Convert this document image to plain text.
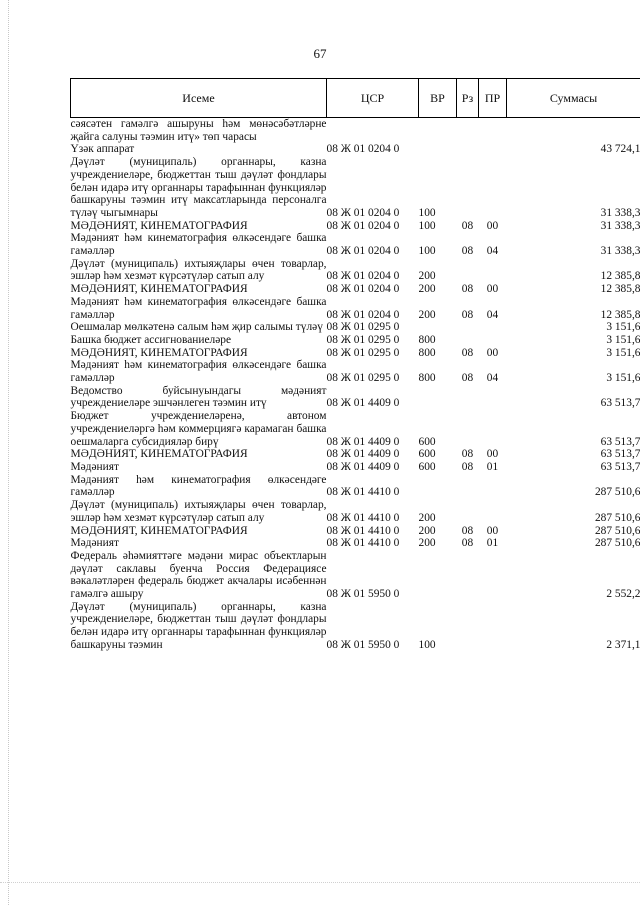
67
Исеме	ЦСР	ВР	Рз	ПР	Суммасы
сәясәтен гамәлгә ашыруны һәм мөнәсәбәтләрне җайга салуны тәэмин итү» төп чарасы					
Үзәк аппарат	08 Ж 01 0204 0				43 724,1
Дәүләт (муниципаль) органнары, казна учреждениеләре, бюджеттан тыш дәүләт фондлары белән идарә итү органнары тарафыннан функцияләр башкаруны тәэмин итү максатларында персоналга түләү чыгымнары	08 Ж 01 0204 0	100			31 338,3
МӘДӘНИЯТ, КИНЕМАТОГРАФИЯ	08 Ж 01 0204 0	100	08	00	31 338,3
Мәдәният һәм кинематография өлкәсендәге башка гамәлләр	08 Ж 01 0204 0	100	08	04	31 338,3
Дәүләт (муниципаль) ихтыяҗлары өчен товарлар, эшләр һәм хезмәт күрсәтүләр сатып алу	08 Ж 01 0204 0	200			12 385,8
МӘДӘНИЯТ, КИНЕМАТОГРАФИЯ	08 Ж 01 0204 0	200	08	00	12 385,8
Мәдәният һәм кинематография өлкәсендәге башка гамәлләр	08 Ж 01 0204 0	200	08	04	12 385,8
Оешмалар мөлкәтенә салым һәм җир салымы түләү	08 Ж 01 0295 0				3 151,6
Башка бюджет ассигнованиеләре	08 Ж 01 0295 0	800			3 151,6
МӘДӘНИЯТ, КИНЕМАТОГРАФИЯ	08 Ж 01 0295 0	800	08	00	3 151,6
Мәдәният һәм кинематография өлкәсендәге башка гамәлләр	08 Ж 01 0295 0	800	08	04	3 151,6
Ведомство буйсынуындагы мәдәният учреждениеләре эшчәнлеген тәэмин итү	08 Ж 01 4409 0				63 513,7
Бюджет учреждениеләренә, автоном учреждениеләргә һәм коммерциягә карамаган башка оешмаларга субсидияләр бирү	08 Ж 01 4409 0	600			63 513,7
МӘДӘНИЯТ, КИНЕМАТОГРАФИЯ	08 Ж 01 4409 0	600	08	00	63 513,7
Мәдәният	08 Ж 01 4409 0	600	08	01	63 513,7
Мәдәният һәм кинематография өлкәсендәге гамәлләр	08 Ж 01 4410 0				287 510,6
Дәүләт (муниципаль) ихтыяҗлары өчен товарлар, эшләр һәм хезмәт күрсәтүләр сатып алу	08 Ж 01 4410 0	200			287 510,6
МӘДӘНИЯТ, КИНЕМАТОГРАФИЯ	08 Ж 01 4410 0	200	08	00	287 510,6
Мәдәният	08 Ж 01 4410 0	200	08	01	287 510,6
Федераль әһәмияттәге мәдәни мирас объектларын дәүләт саклавы буенча Россия Федерациясе вәкаләтләрен федераль бюджет акчалары исәбеннән гамәлгә ашыру	08 Ж 01 5950 0				2 552,2
Дәүләт (муниципаль) органнары, казна учреждениеләре, бюджеттан тыш дәүләт фондлары белән идарә итү органнары тарафыннан функцияләр башкаруны тәэмин	08 Ж 01 5950 0	100			2 371,1
